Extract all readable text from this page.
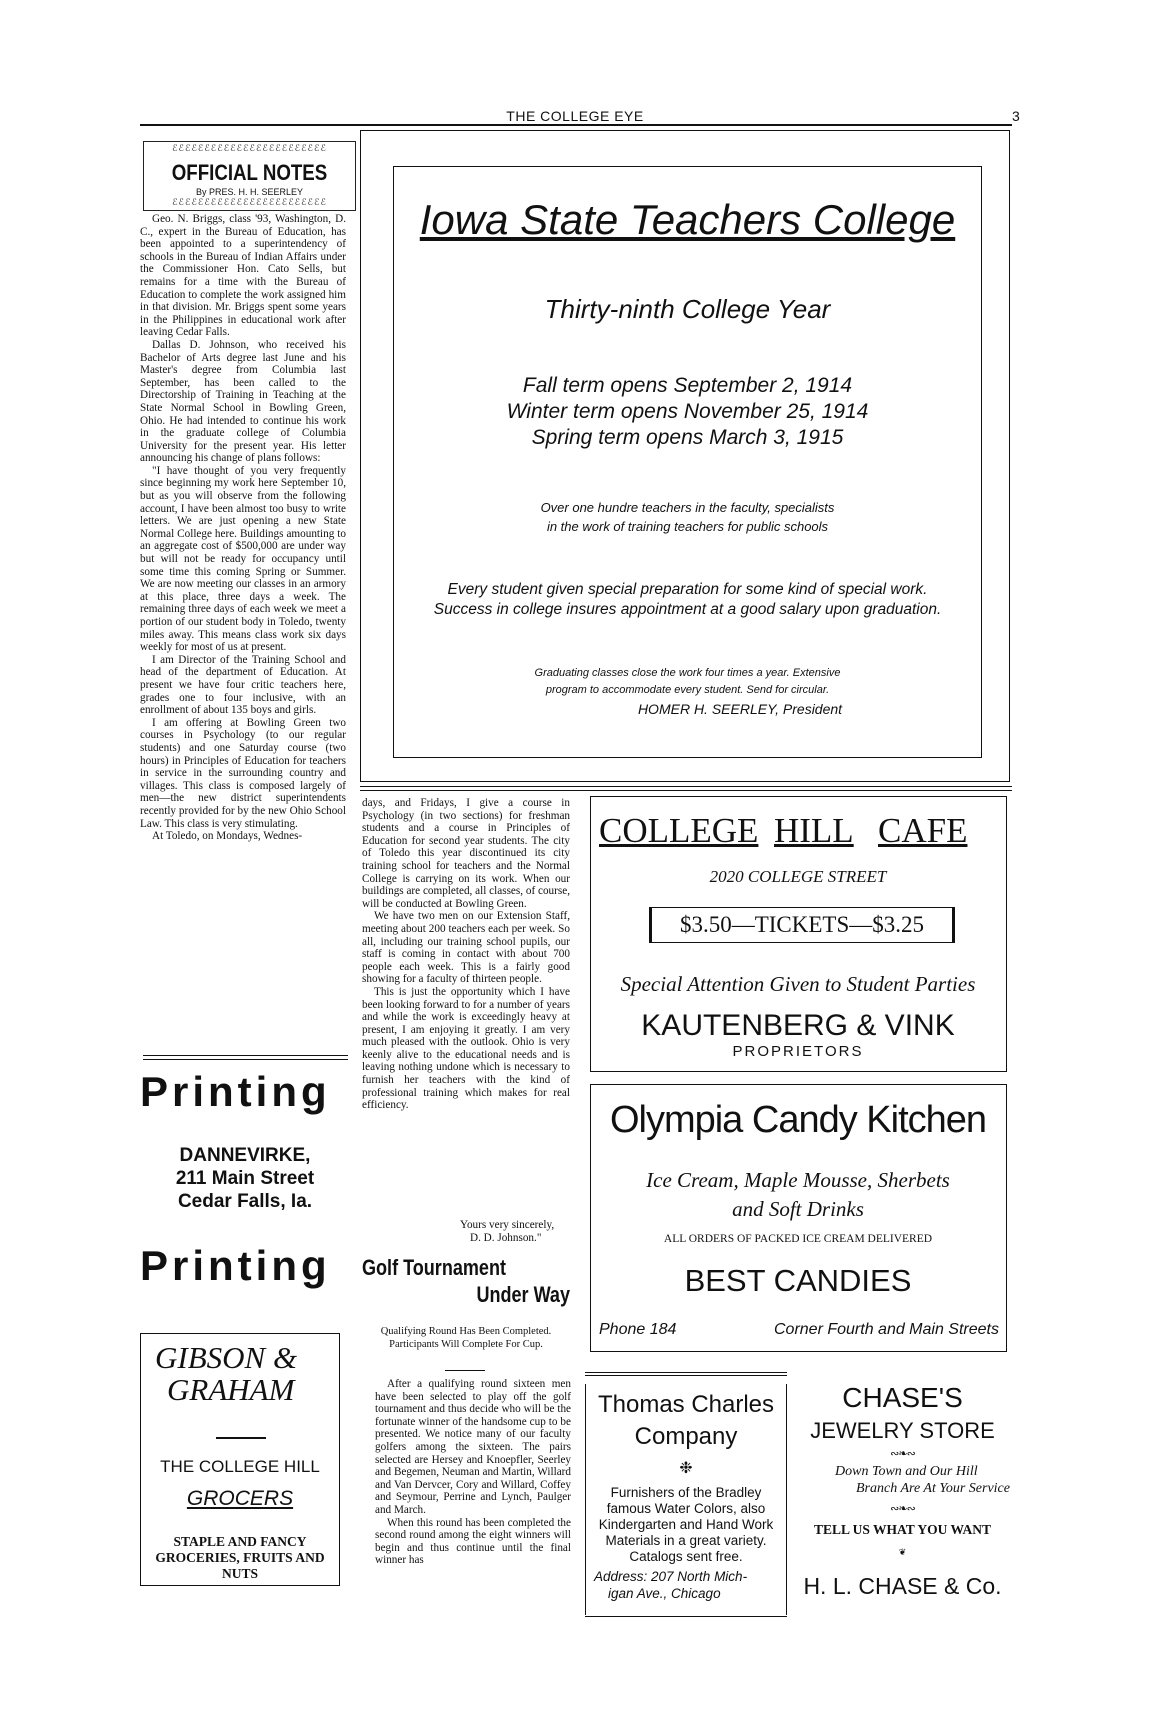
THE COLLEGE EYE	3
ℰℰℰℰℰℰℰℰℰℰℰℰℰℰℰℰℰℰℰℰℰℰℰℰ
OFFICIAL NOTES
By PRES. H. H. SEERLEY
ℰℰℰℰℰℰℰℰℰℰℰℰℰℰℰℰℰℰℰℰℰℰℰℰ

Geo. N. Briggs, class '93, Washington, D. C., expert in the Bureau of Education, has been appointed to a superintendency of schools in the Bureau of Indian Affairs under the Commissioner Hon. Cato Sells, but remains for a time with the Bureau of Education to complete the work assigned him in that division. Mr. Briggs spent some years in the Philippines in educational work after leaving Cedar Falls.

Dallas D. Johnson, who received his Bachelor of Arts degree last June and his Master's degree from Columbia last September, has been called to the Directorship of Training in Teaching at the State Normal School in Bowling Green, Ohio. He had intended to continue his work in the graduate college of Columbia University for the present year. His letter announcing his change of plans follows:

"I have thought of you very frequently since beginning my work here September 10, but as you will observe from the following account, I have been almost too busy to write letters. We are just opening a new State Normal College here. Buildings amounting to an aggregate cost of $500,000 are under way but will not be ready for occupancy until some time this coming Spring or Summer. We are now meeting our classes in an armory at this place, three days a week. The remaining three days of each week we meet a portion of our student body in Toledo, twenty miles away. This means class work six days weekly for most of us at present.

I am Director of the Training School and head of the department of Education. At present we have four critic teachers here, grades one to four inclusive, with an enrollment of about 135 boys and girls.

I am offering at Bowling Green two courses in Psychology (to our regular students) and one Saturday course (two hours) in Principles of Education for teachers in service in the surrounding country and villages. This class is composed largely of men—the new district superintendents recently provided for by the new Ohio School Law. This class is very stimulating.

At Toledo, on Mondays, Wednes-

Printing
DANNEVIRKE,
211 Main Street
Cedar Falls, Ia.
Printing
GIBSON &
GRAHAM
THE COLLEGE HILL
GROCERS
STAPLE AND FANCY GROCERIES, FRUITS AND NUTS
Iowa State Teachers College
Thirty-ninth College Year
Fall term opens September 2, 1914
Winter term opens November 25, 1914
Spring term opens March 3, 1915
Over one hundre teachers in the faculty, specialists
in the work of training teachers for public schools
Every student given special preparation for some kind of special work.
Success in college insures appointment at a good salary upon graduation.
Graduating classes close the work four times a year. Extensive
program to accommodate every student. Send for circular.
HOMER H. SEERLEY, President

days, and Fridays, I give a course in Psychology (in two sections) for freshman students and a course in Principles of Education for second year students. The city of Toledo this year discontinued its city training school for teachers and the Normal College is carrying on its work. When our buildings are completed, all classes, of course, will be conducted at Bowling Green.

We have two men on our Extension Staff, meeting about 200 teachers each per week. So all, including our training school pupils, our staff is coming in contact with about 700 people each week. This is a fairly good showing for a faculty of thirteen people.

This is just the opportunity which I have been looking forward to for a number of years and while the work is exceedingly heavy at present, I am enjoying it greatly. I am very much pleased with the outlook. Ohio is very keenly alive to the educational needs and is leaving nothing undone which is necessary to furnish her teachers with the kind of professional training which makes for real efficiency.

Yours very sincerely,
D. D. Johnson."
Golf Tournament
Under Way
Qualifying Round Has Been Completed. Participants Will Complete For Cup.

After a qualifying round sixteen men have been selected to play off the golf tournament and thus decide who will be the fortunate winner of the handsome cup to be presented. We notice many of our faculty golfers among the sixteen. The pairs selected are Hersey and Knoepfler, Seerley and Begemen, Neuman and Martin, Willard and Van Dervcer, Cory and Willard, Coffey and Seymour, Perrine and Lynch, Paulger and March.

When this round has been completed the second round among the eight winners will begin and thus continue until the final winner has

COLLEGE HILL CAFE
2020 COLLEGE STREET
$3.50—TICKETS—$3.25
Special Attention Given to Student Parties
KAUTENBERG & VINK
PROPRIETORS
Olympia Candy Kitchen
Ice Cream, Maple Mousse, Sherbets
and Soft Drinks
ALL ORDERS OF PACKED ICE CREAM DELIVERED
BEST CANDIES
Phone 184	Corner Fourth and Main Streets
Thomas Charles
Company
❉
Furnishers of the Bradley famous Water Colors, also Kindergarten and Hand Work Materials in a great variety. Catalogs sent free.
Address: 207 North Mich-
igan Ave., Chicago
CHASE'S
JEWELRY STORE
∾❧∾
Down Town and Our Hill
Branch Are At Your Service
∾❧∾
TELL US WHAT YOU WANT
❦
H. L. CHASE & Co.
